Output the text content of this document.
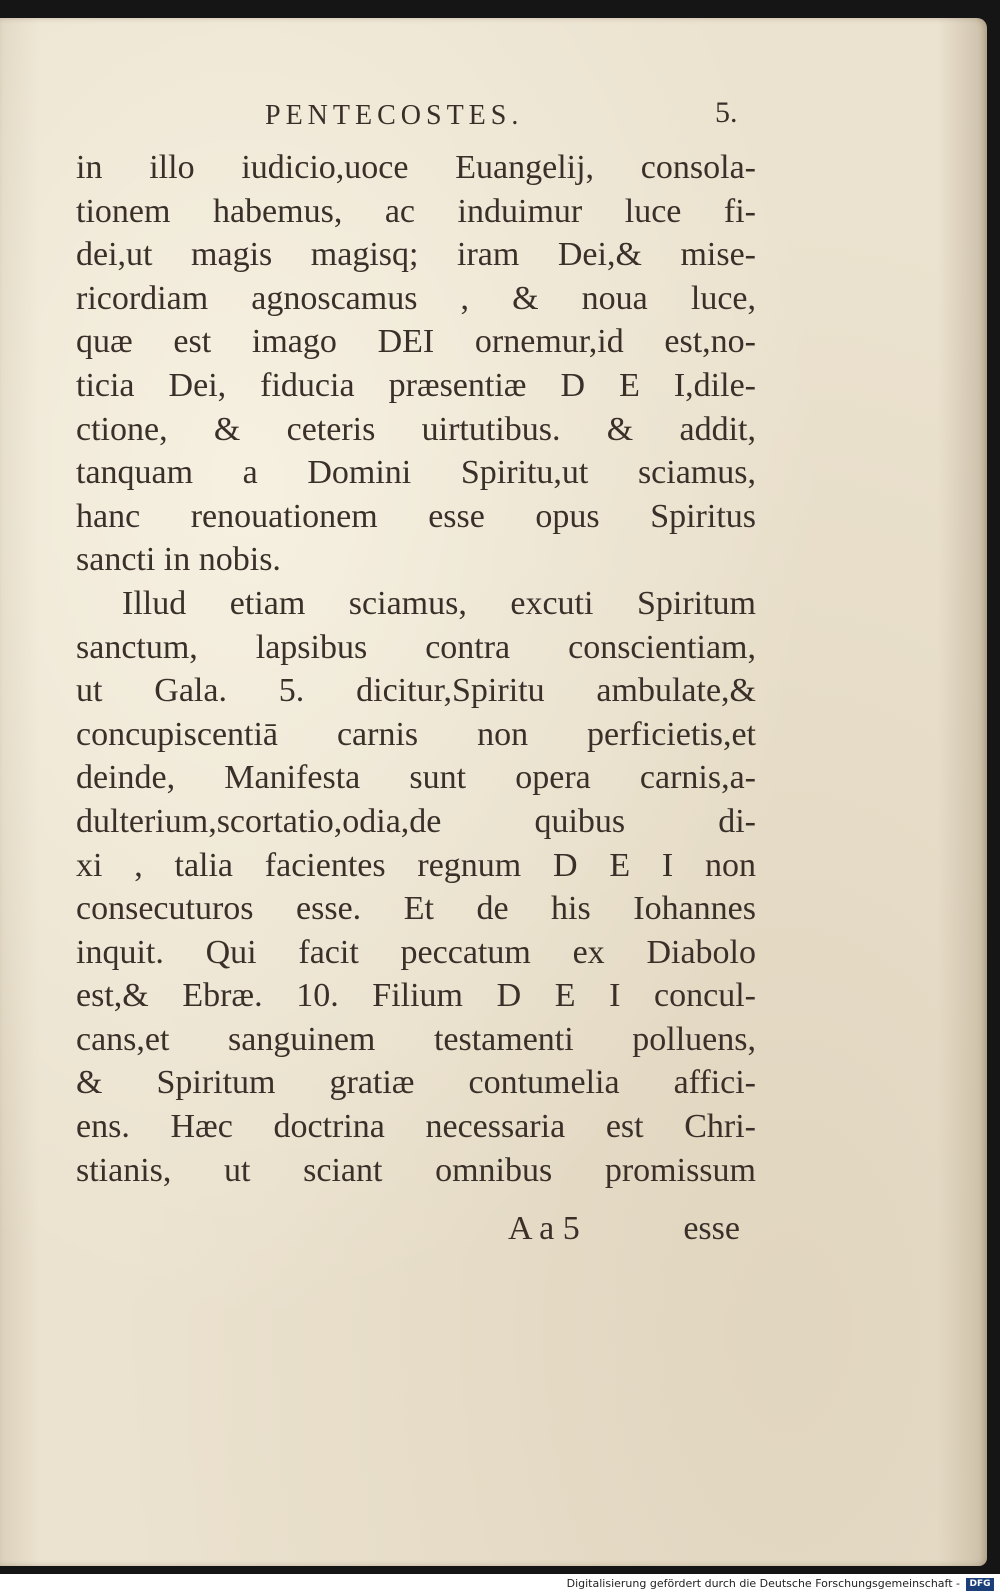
PENTECOSTES.	5.
in illo iudicio,uoce Euangelij, consola-
tionem habemus, ac induimur luce fi-
dei,ut magis magisq; iram Dei,& mise-
ricordiam agnoscamus , & noua luce,
quæ est imago DEI ornemur,id est,no-
ticia Dei, fiducia præsentiæ D E I,dile-
ctione, & ceteris uirtutibus. & addit,
tanquam a Domini Spiritu,ut sciamus,
hanc renouationem esse opus Spiritus
sancti in nobis.
Illud etiam sciamus, excuti Spiritum
sanctum, lapsibus contra conscientiam,
ut Gala. 5. dicitur,Spiritu ambulate,&
concupiscentiā carnis non perficietis,et
deinde, Manifesta sunt opera carnis,a-
dulterium,scortatio,odia,de quibus di-
xi , talia facientes regnum D E I non
consecuturos esse. Et de his Iohannes
inquit. Qui facit peccatum ex Diabolo
est,& Ebræ. 10. Filium D E I concul-
cans,et sanguinem testamenti polluens,
& Spiritum gratiæ contumelia affici-
ens. Hæc doctrina necessaria est Chri-
stianis, ut sciant omnibus promissum
A a 5	esse
Digitalisierung gefördert durch die Deutsche Forschungsgemeinschaft -	DFG
